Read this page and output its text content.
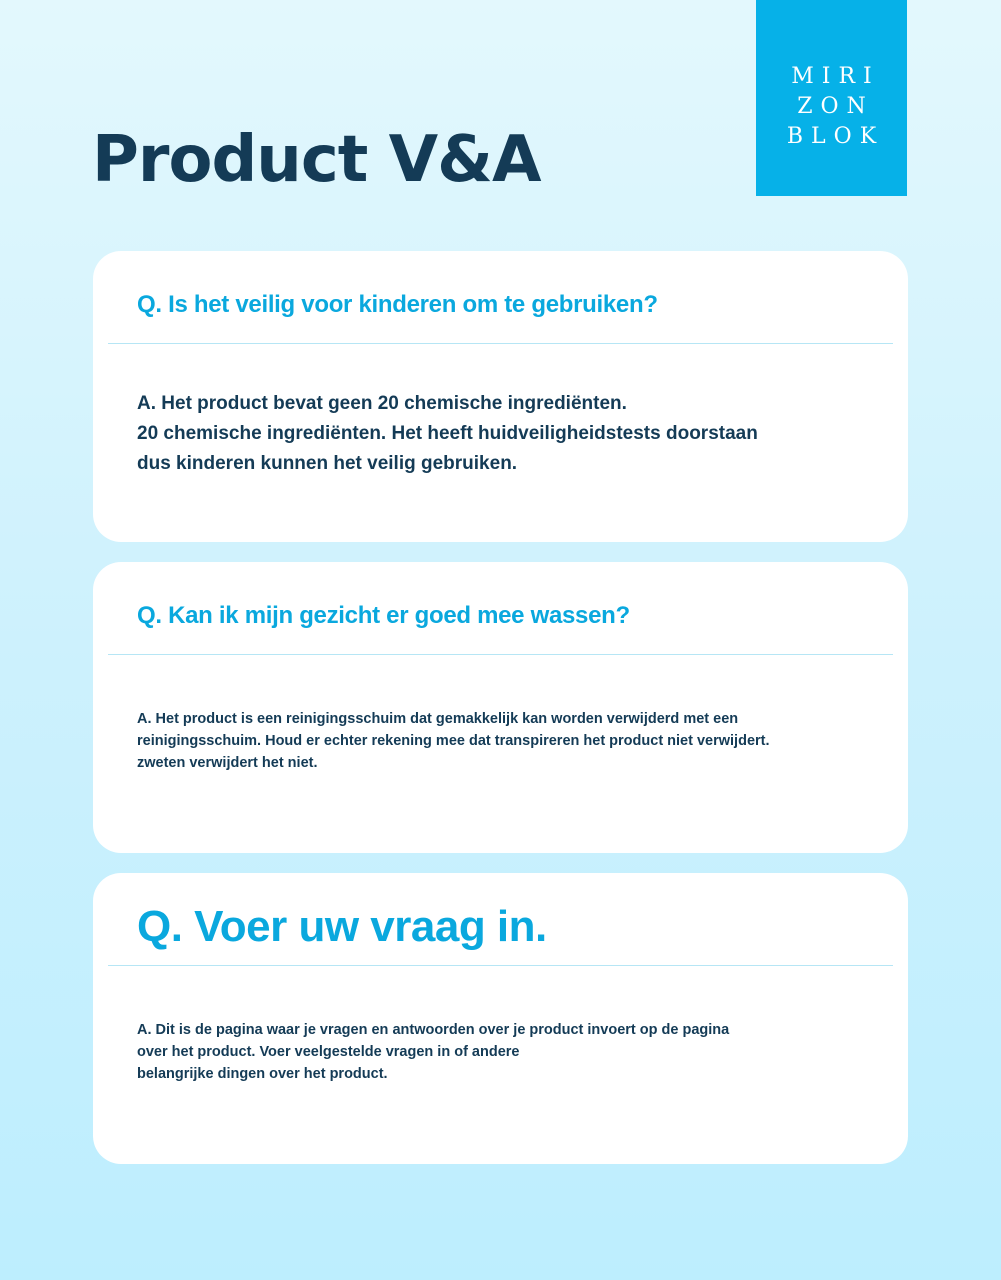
MIRI
ZON
BLOK
Product V&A
Q. Is het veilig voor kinderen om te gebruiken?
A. Het product bevat geen 20 chemische ingrediënten.
20 chemische ingrediënten. Het heeft huidveiligheidstests doorstaan
dus kinderen kunnen het veilig gebruiken.
Q. Kan ik mijn gezicht er goed mee wassen?
A. Het product is een reinigingsschuim dat gemakkelijk kan worden verwijderd met een
reinigingsschuim. Houd er echter rekening mee dat transpireren het product niet verwijdert.
zweten verwijdert het niet.
Q. Voer uw vraag in.
A. Dit is de pagina waar je vragen en antwoorden over je product invoert op de pagina
over het product. Voer veelgestelde vragen in of andere
belangrijke dingen over het product.
